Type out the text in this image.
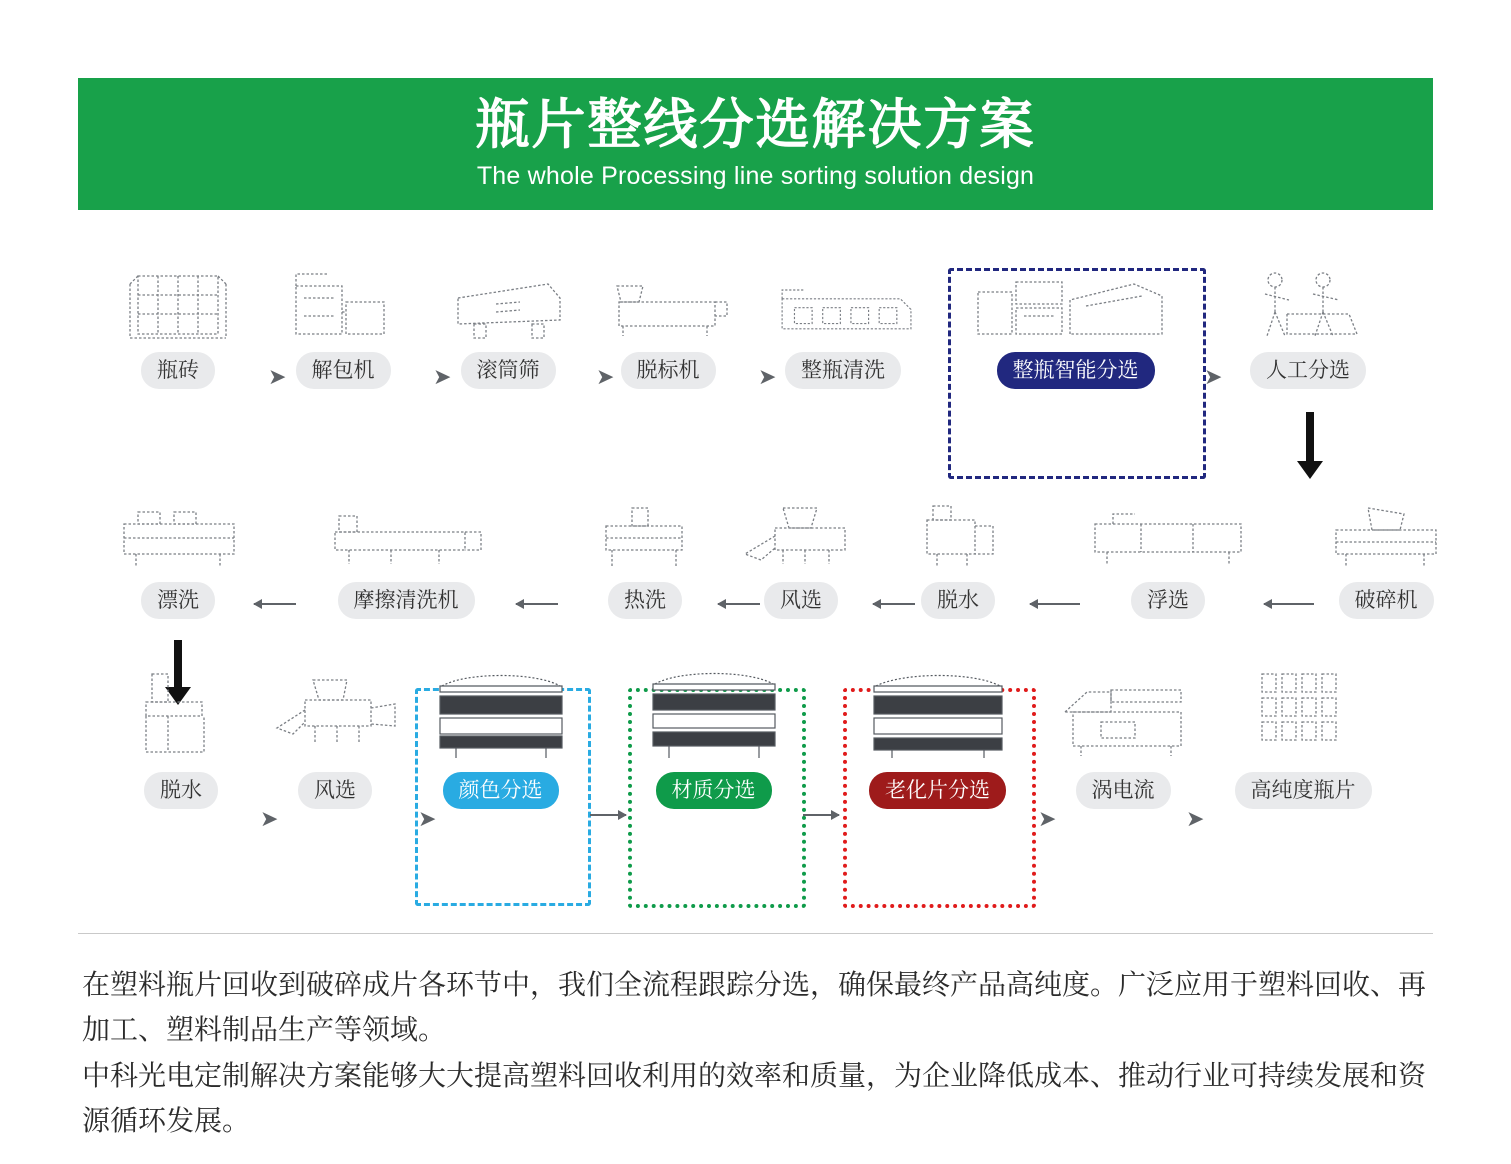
瓶片整线分选解决方案
The whole Processing line sorting solution design
瓶砖	➤	解包机	➤	滚筒筛	➤	脱标机	➤	整瓶清洗	整瓶智能分选	➤	人工分选
漂洗	摩擦清洗机	热洗	风选	脱水	浮选	破碎机
脱水
➤
风选
➤
颜色分选	材质分选	老化片分选
➤
涡电流
➤
高纯度瓶片

在塑料瓶片回收到破碎成片各环节中，我们全流程跟踪分选，确保最终产品高纯度。广泛应用于塑料回收、再加工、塑料制品生产等领域。

中科光电定制解决方案能够大大提高塑料回收利用的效率和质量，为企业降低成本、推动行业可持续发展和资源循环发展。
